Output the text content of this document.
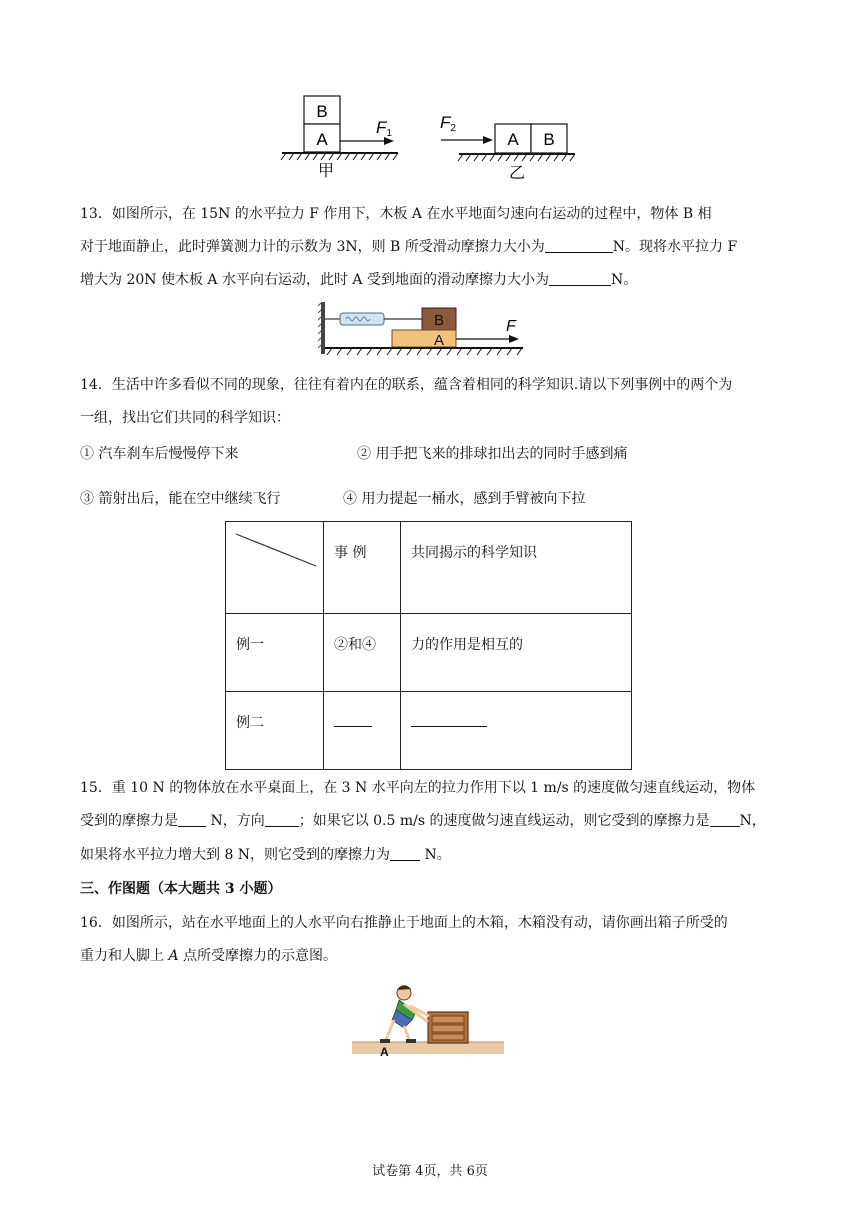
B
A
F1
甲
F2
A B
乙
13．如图所示，在 15N 的水平拉力 F 作用下，木板 A 在水平地面匀速向右运动的过程中，物体 B 相
对于地面静止，此时弹簧测力计的示数为 3N，则 B 所受滑动摩擦力大小为	N。现将水平拉力 F
增大为 20N 使木板 A 水平向右运动，此时 A 受到地面的滑动摩擦力大小为	N。
B
A
F
14．生活中许多看似不同的现象，往往有着内在的联系，蕴含着相同的科学知识.请以下列事例中的两个为
一组，找出它们共同的科学知识：
① 汽车刹车后慢慢停下来	② 用手把飞来的排球扣出去的同时手感到痛
③ 箭射出后，能在空中继续飞行	④ 用力提起一桶水，感到手臂被向下拉
	事 例	共同揭示的科学知识
例一	②和④	力的作用是相互的
例二		
15．重 10 N 的物体放在水平桌面上，在 3 N 水平向左的拉力作用下以 1 m/s 的速度做匀速直线运动，物体
受到的摩擦力是 N，方向 ；如果它以 0.5 m/s 的速度做匀速直线运动，则它受到的摩擦力是 N，
如果将水平拉力增大到 8 N，则它受到的摩擦力为 N。
三、作图题（本大题共 3 小题）
16．如图所示，站在水平地面上的人水平向右推静止于地面上的木箱，木箱没有动，请你画出箱子所受的
重力和人脚上 A 点所受摩擦力的示意图。
A
试卷第 4页，共 6页
